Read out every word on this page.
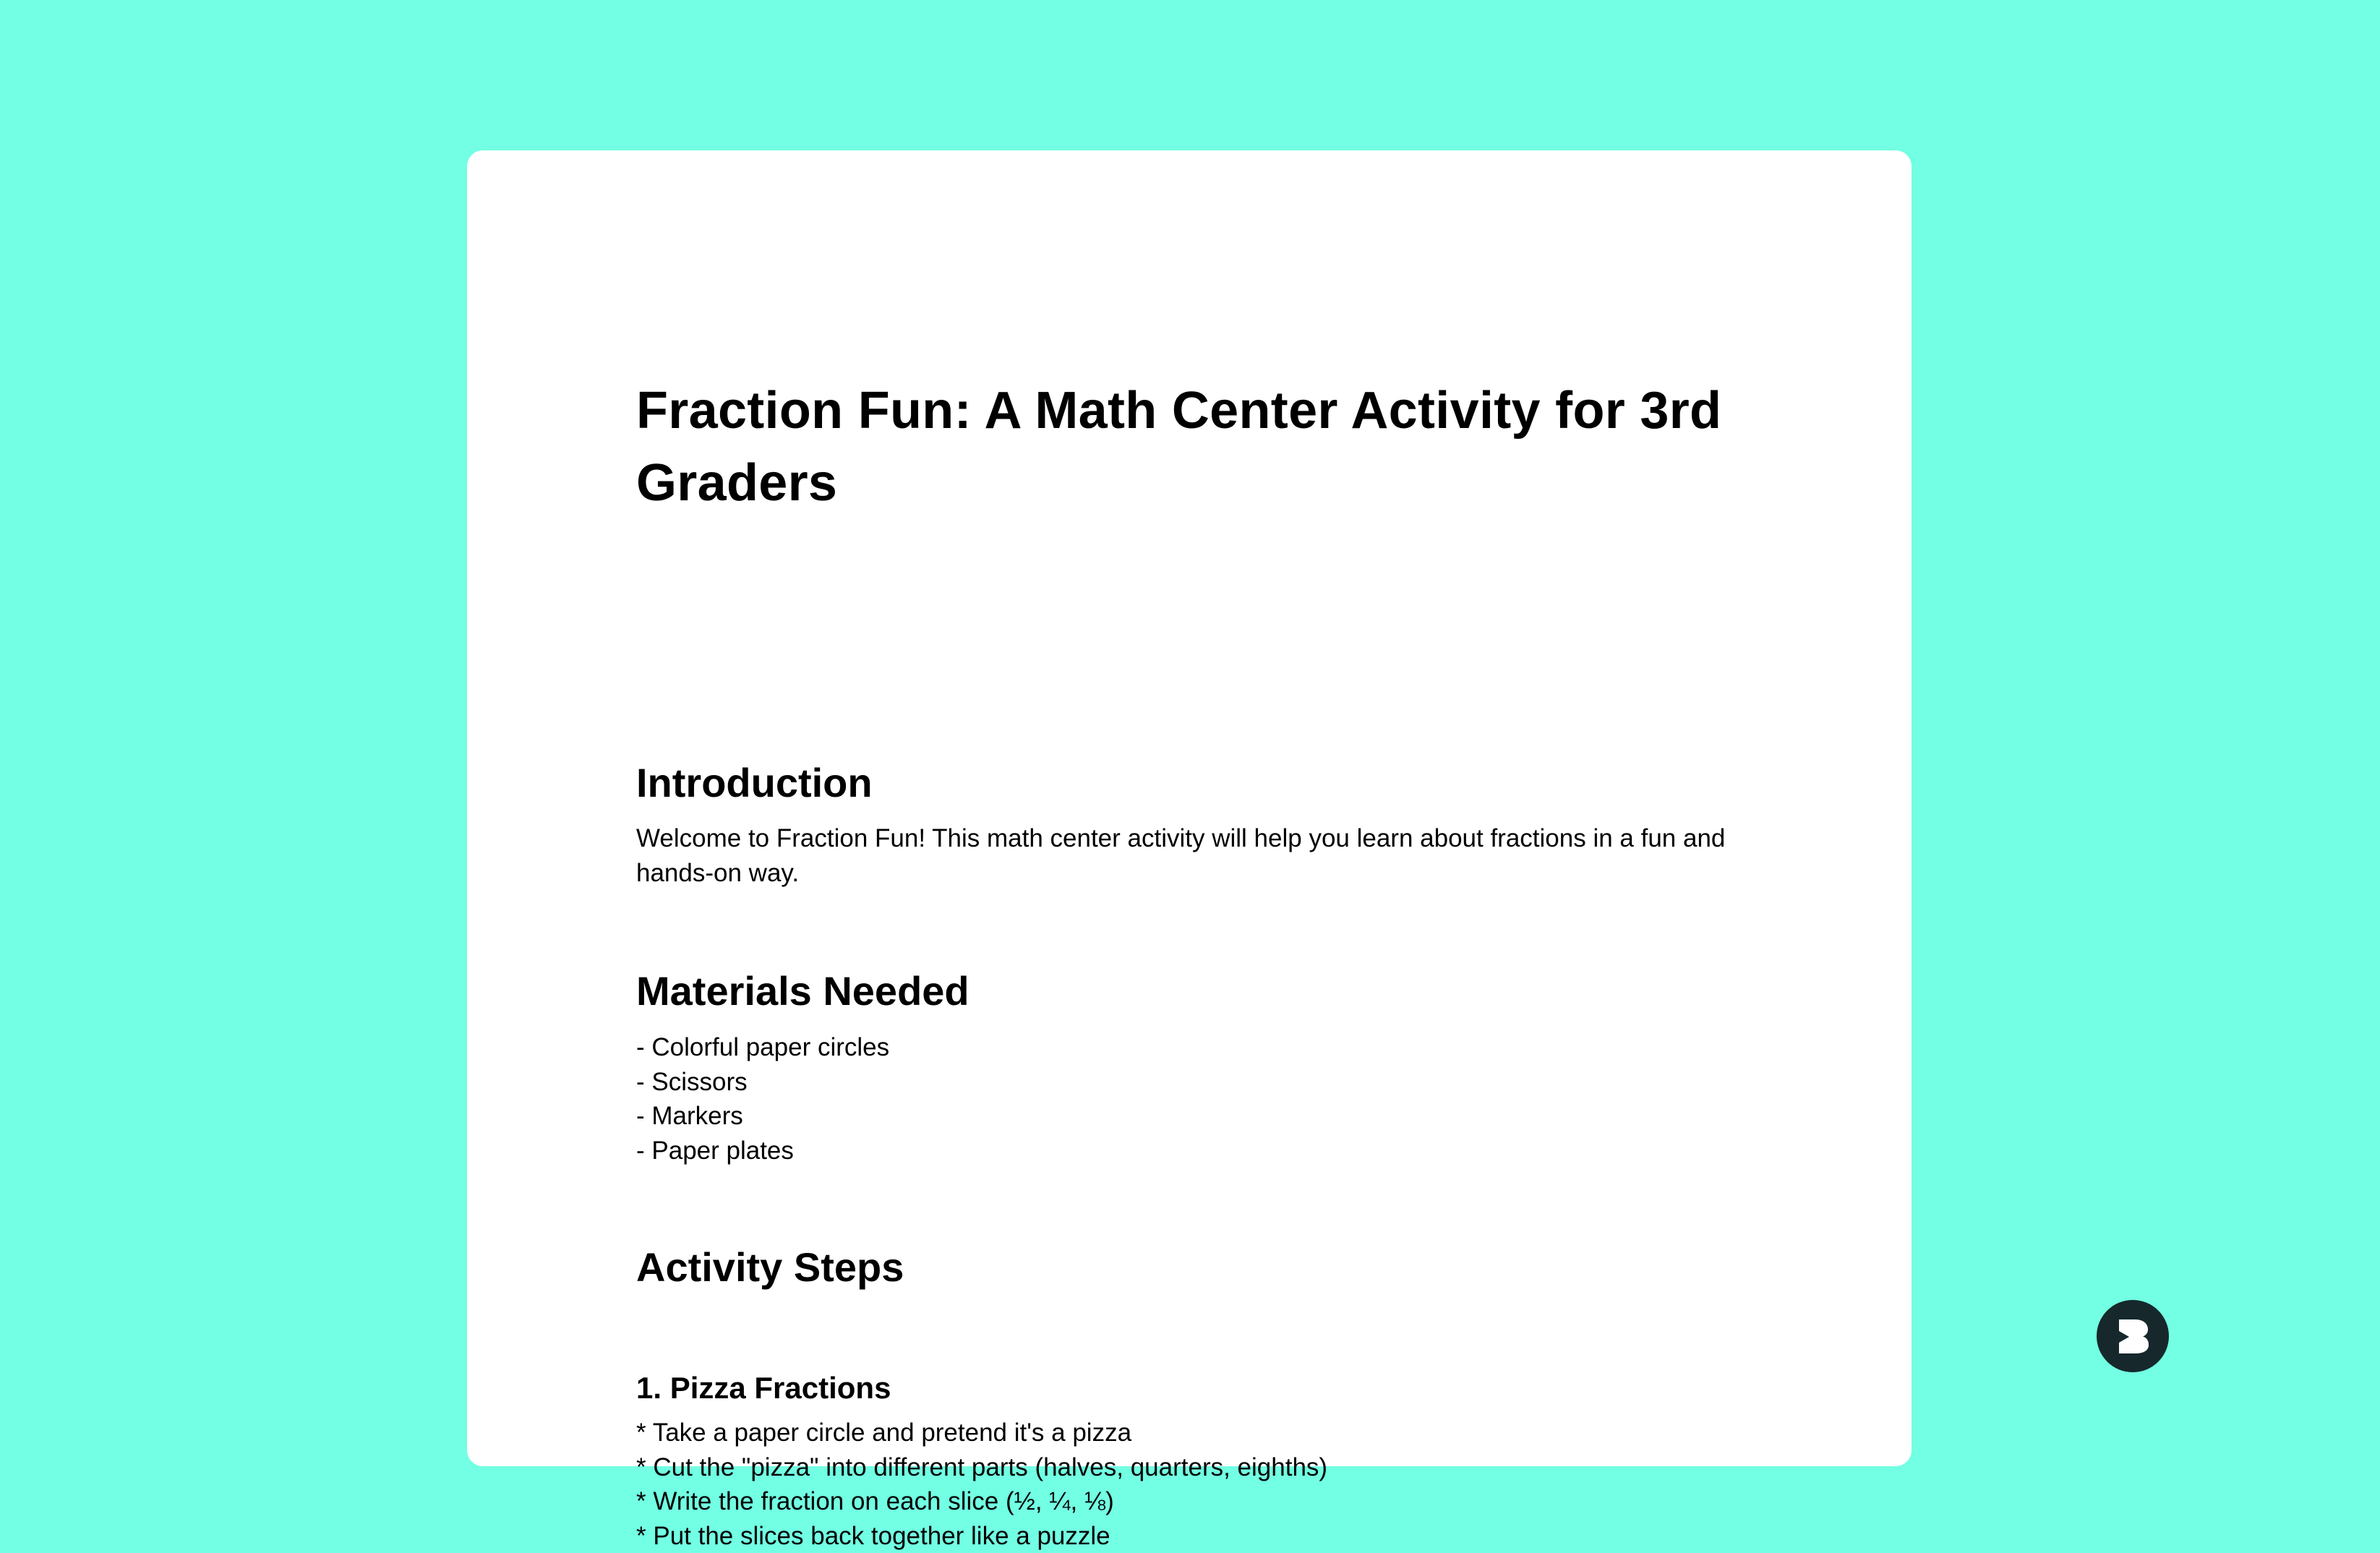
Fraction Fun: A Math Center Activity for 3rd Graders
Introduction

Welcome to Fraction Fun! This math center activity will help you learn about fractions in a fun and hands-on way.

Materials Needed
- Colorful paper circles
- Scissors
- Markers
- Paper plates
Activity Steps
1. Pizza Fractions
* Take a paper circle and pretend it's a pizza
* Cut the "pizza" into different parts (halves, quarters, eighths)
* Write the fraction on each slice (½, ¼, ⅛)
* Put the slices back together like a puzzle
